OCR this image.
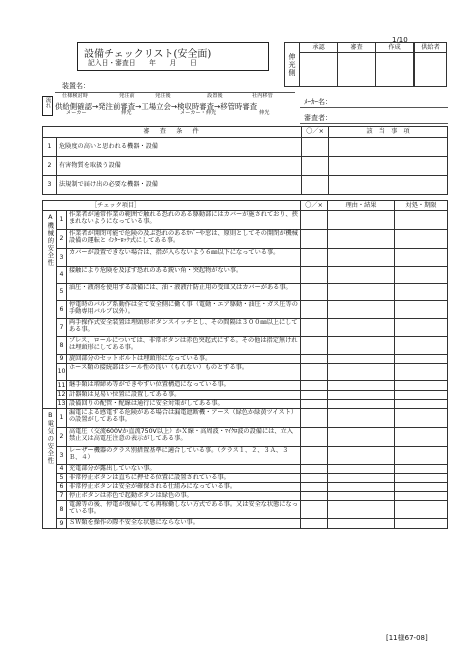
1/10
設備チェックリスト(安全面)
記入日・審査日　　年　　月　　日	伸光側	承認	審査	作成
			供給者

装置名：
流れ
仕様検討時	発注前	発注後	設置後	社内移管
供給側確認→発注前審査→工場立会→検収時審査→移管時審査
メーカー	伸光	メーカー・伸光	伸光
ﾒｰｶｰ名：
審査者：
審　査　条　件		〇／×	該　当　事　項
1	危険度の高いと思われる機器・設備		
2	有害物質を取扱う設備		
3	法規制で届け出の必要な機器・設備		
［チェック項目］			〇／×	理由・結果	対処・期限

A機械的安全性	1	作業者が通常作業の範囲で触れる恐れのある駆動部にはカバーが施されており、挟まれないようになっている事。			
	2	作業者が開閉可能で危険の及ぶ恐れのあるｶﾊﾞｰや窓は、原則としてその開閉が機械設備の運転と ｲﾝﾀｰﾛｯｸ式にしてある事。			
	3	カバーが設置できない場合は、指が入らないよう６㎜以下になっている事。			
	4	接触により危険を及ぼす恐れのある鋭い角・突起物がない事。			
	5	油圧・液剤を使用する設備には、油・液液汁防止用の受皿又はカバーがある事。			
	6	停電時のバルブ系動作は全て安全側に働く事（電動・エア駆動・油圧・ガス圧等の手動専用バルブ以外）。			
	7	両手操作式安全装置は埋頭形ボタンスイッチとし、その間隔は３００㎜以上にしてある事。			
	8	プレス、ロールについては、非常ボタンは赤色突起式にする。その他は指定無けれは埋頭形にしてある事。			
	9	旋回部分のセットボルトは埋頭形になっている事。			
	10	ホース類の接続部はシール性の良い（もれない）ものとする事。			
	11	継手類は増締め等ができやすい位置構造になっている事。			
	12	計器類は見易い位置に設置してある事。			
	13	設備回りの配管・配線は通行に安全対策がしてある事。			

B電気の安全性	1	漏電による感電する危険がある場合は漏電遮断機・アース（緑色か緑黄ツイスト）の設置がしてある事。			
	2	高電圧（交流600Vか直流750V以上）かＸ線・高周波・ﾏｲｸﾛ波の設備には、立入禁止又は高電圧注意の表示がしてある事。			
	3	レーザー機器のクラス別措置基準に適合している事。（クラス１、２、３Ａ、３Ｂ、４）			
	4	充電部分が露出していない事。			
	5	非常停止ボタンは直ちに押せる位置に設置されている事。			
	6	非常停止ボタンは安全が確保される仕組みになっている事。			
	7	停止ボタンは赤色で起動ボタンは緑色の事。			
	8	電源等の後、停電が復帰しても再稼働しない方式である事。又は安全な状態になっている事。			
	9	ＳＷ類を操作の際不安全な状態にならない事。			
[11様67-08]
